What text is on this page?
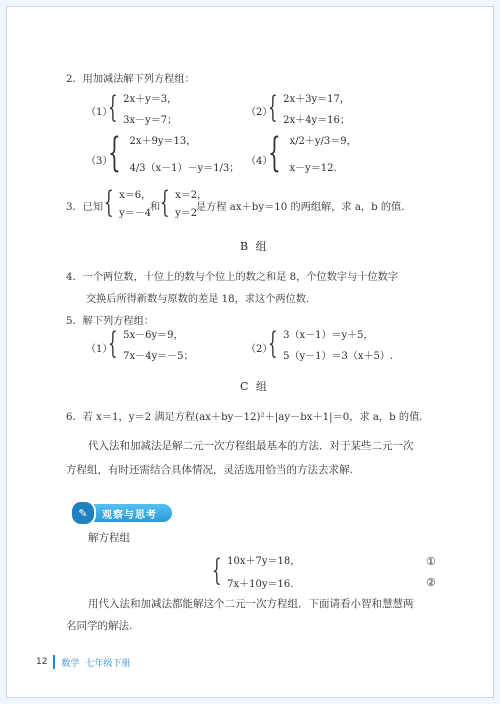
2．用加减法解下列方程组：
（1）
{ 2x＋y＝3，
3x－y＝7；
（2）
{ 2x＋3y＝17，
2x＋4y＝16；
（3）
{ 2x＋9y＝13，
4/3（x－1）－y＝1/3；
（4）
{ x/2＋y/3＝9，
x－y＝12.
3．已知 { x＝6，
y＝－4
和 { x＝2，
y＝2
是方程 ax＋by＝10 的两组解，求 a，b 的值.
B 组
4．一个两位数，十位上的数与个位上的数之和是 8，个位数字与十位数字
交换后所得新数与原数的差是 18，求这个两位数.
5．解下列方程组：
（1）
{ 5x－6y＝9，
7x－4y＝－5；
（2）
{ 3（x－1）＝y＋5，
5（y－1）＝3（x＋5）.
C 组
6．若 x＝1，y＝2 满足方程(ax＋by－12)²＋|ay－bx＋1|＝0，求 a，b 的值.
代入法和加减法是解二元一次方程组最基本的方法．对于某些二元一次
方程组，有时还需结合具体情况，灵活选用恰当的方法去求解.
✎	观察与思考
解方程组
{ 10x＋7y＝18，
7x＋10y＝16.
①
②
用代入法和加减法都能解这个二元一次方程组．下面请看小智和慧慧两
名同学的解法.
12 数学 七年级下册
